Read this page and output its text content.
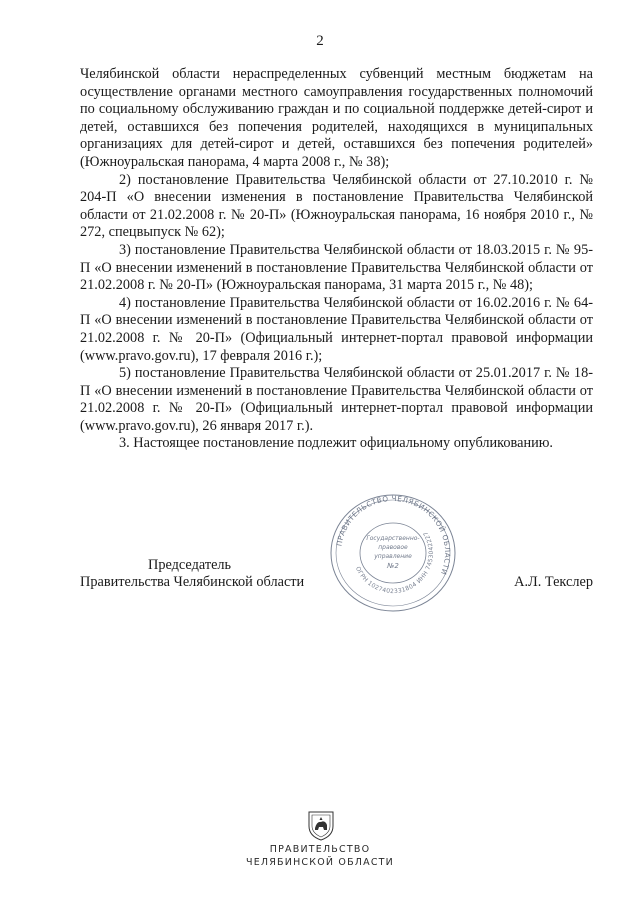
2

Челябинской области нераспределенных субвенций местным бюджетам на осуществление органами местного самоуправления государственных полномочий по социальному обслуживанию граждан и по социальной поддержке детей-сирот и детей, оставшихся без попечения родителей, находящихся в муниципальных организациях для детей-сирот и детей, оставшихся без попечения родителей» (Южноуральская панорама, 4 марта 2008 г., № 38);

2) постановление Правительства Челябинской области от 27.10.2010 г. № 204-П «О внесении изменения в постановление Правительства Челябинской области от 21.02.2008 г. № 20-П» (Южноуральская панорама, 16 ноября 2010 г., № 272, спецвыпуск № 62);

3) постановление Правительства Челябинской области от 18.03.2015 г. № 95-П «О внесении изменений в постановление Правительства Челябинской области от 21.02.2008 г. № 20-П» (Южноуральская панорама, 31 марта 2015 г., № 48);

4) постановление Правительства Челябинской области от 16.02.2016 г. № 64-П «О внесении изменений в постановление Правительства Челябинской области от 21.02.2008 г. № 20-П» (Официальный интернет-портал правовой информации (www.pravo.gov.ru), 17 февраля 2016 г.);

5) постановление Правительства Челябинской области от 25.01.2017 г. № 18-П «О внесении изменений в постановление Правительства Челябинской области от 21.02.2008 г. № 20-П» (Официальный интернет-портал правовой информации (www.pravo.gov.ru), 26 января 2017 г.).

3. Настоящее постановление подлежит официальному опубликованию.

Председатель
Правительства Челябинской области	А.Л. Текслер
ПРАВИТЕЛЬСТВО ЧЕЛЯБИНСКОЙ ОБЛАСТИ
ОГРН 1027402331804 ИНН 7453042227
Государственно-
правовое
управление
№2
ПРАВИТЕЛЬСТВО
ЧЕЛЯБИНСКОЙ ОБЛАСТИ
